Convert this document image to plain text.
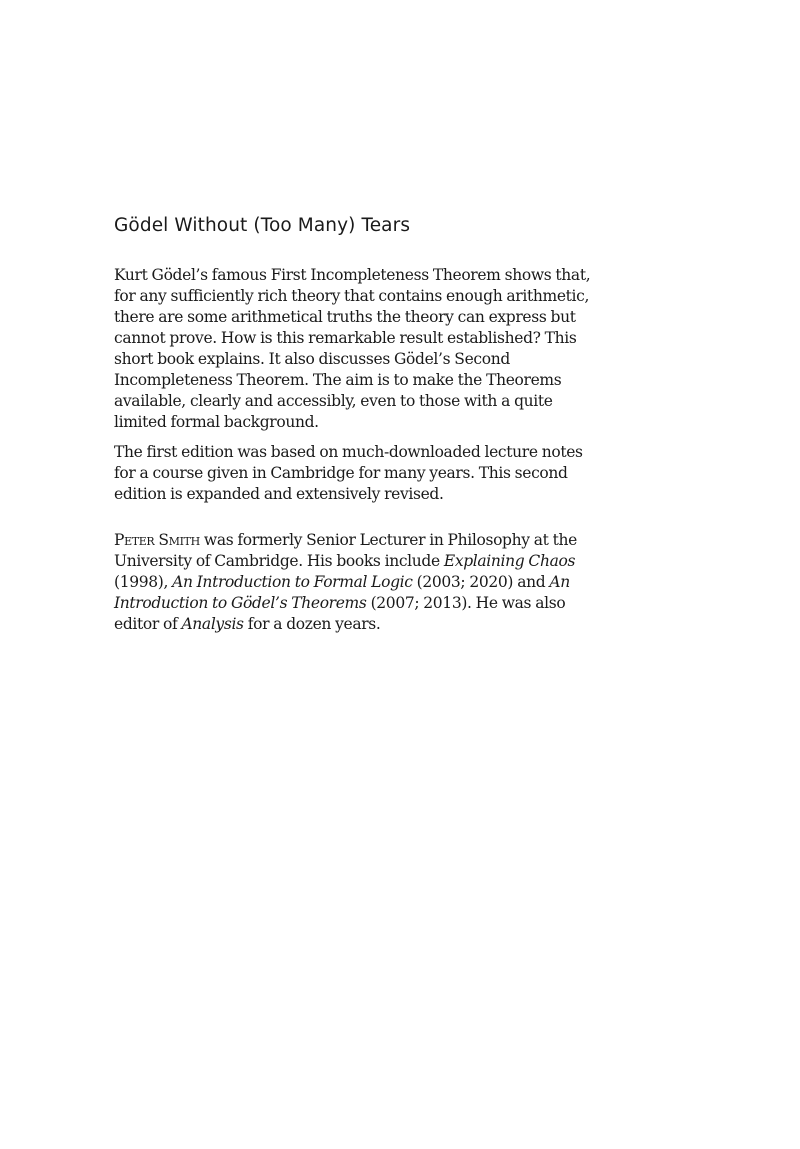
Gödel Without (Too Many) Tears

Kurt Gödel’s famous First Incompleteness Theorem shows that,
for any sufficiently rich theory that contains enough arithmetic,
there are some arithmetical truths the theory can express but
cannot prove. How is this remarkable result established? This
short book explains. It also discusses Gödel’s Second
Incompleteness Theorem. The aim is to make the Theorems
available, clearly and accessibly, even to those with a quite
limited formal background.

The first edition was based on much-downloaded lecture notes
for a course given in Cambridge for many years. This second
edition is expanded and extensively revised.

Peter Smith was formerly Senior Lecturer in Philosophy at the
University of Cambridge. His books include Explaining Chaos
(1998), An Introduction to Formal Logic (2003; 2020) and An
Introduction to Gödel’s Theorems (2007; 2013). He was also
editor of Analysis for a dozen years.
